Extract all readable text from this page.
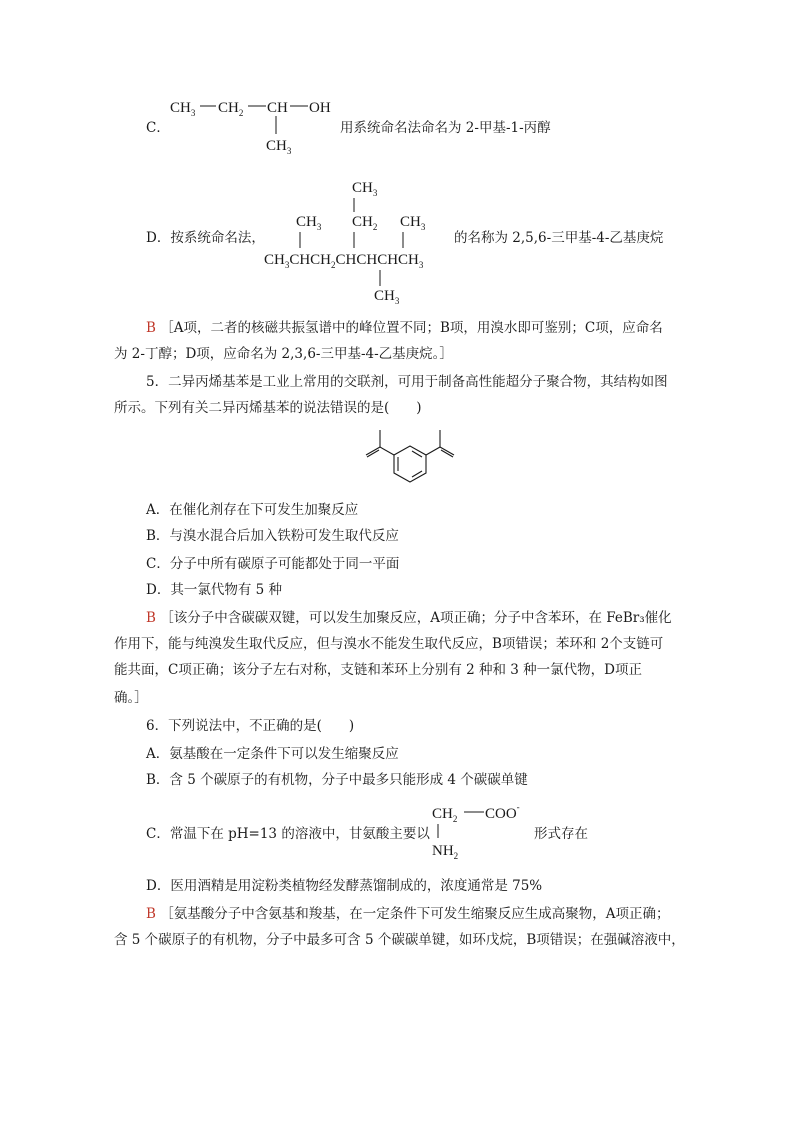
C．
$CH_3$ $CH_2$ CH OH
$CH_3$
用系统命名法命名为 2-甲基-1-丙醇
D．按系统命名法，
$CH_3$
$CH_3$ $CH_2$ $CH_3$
$CH_3CHCH_2CHCHCHCH_3$
$CH_3$
的名称为 2,5,6-三甲基-4-乙基庚烷
B ［A项，二者的核磁共振氢谱中的峰位置不同；B项，用溴水即可鉴别；C项，应命名
为 2-丁醇；D项，应命名为 2,3,6-三甲基-4-乙基庚烷。］
5．二异丙烯基苯是工业上常用的交联剂，可用于制备高性能超分子聚合物，其结构如图
所示。下列有关二异丙烯基苯的说法错误的是(　　)
A．在催化剂存在下可发生加聚反应
B．与溴水混合后加入铁粉可发生取代反应
C．分子中所有碳原子可能都处于同一平面
D．其一氯代物有 5 种
B ［该分子中含碳碳双键，可以发生加聚反应，A项正确；分子中含苯环，在 FeBr₃催化
作用下，能与纯溴发生取代反应，但与溴水不能发生取代反应，B项错误；苯环和 2个支链可
能共面，C项正确；该分子左右对称，支链和苯环上分别有 2 种和 3 种一氯代物，D项正
确。］
6．下列说法中，不正确的是(　　)
A．氨基酸在一定条件下可以发生缩聚反应
B．含 5 个碳原子的有机物，分子中最多只能形成 4 个碳碳单键
C．常温下在 pH=13 的溶液中，甘氨酸主要以
$CH_2$ COO-
$NH_2$
形式存在
D．医用酒精是用淀粉类植物经发酵蒸馏制成的，浓度通常是 75%
B ［氨基酸分子中含氨基和羧基，在一定条件下可发生缩聚反应生成高聚物，A项正确；
含 5 个碳原子的有机物，分子中最多可含 5 个碳碳单键，如环戊烷，B项错误；在强碱溶液中，
